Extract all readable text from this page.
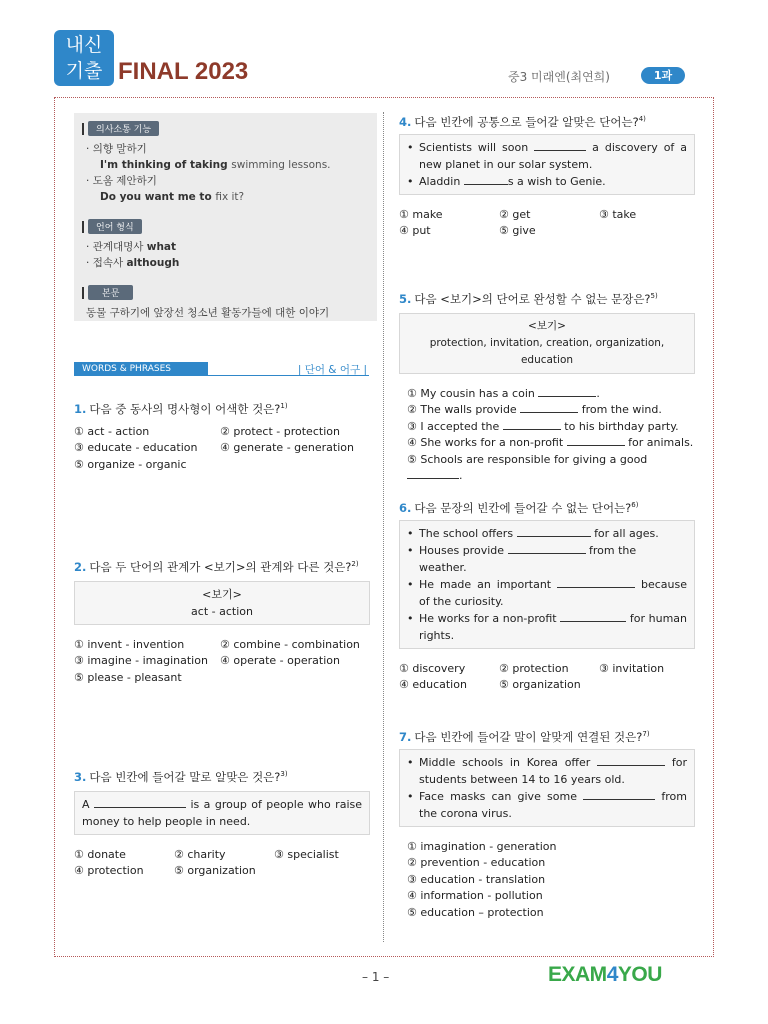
내신
기출 FINAL 2023	중3 미래엔(최연희)	1과
의사소통 기능
· 의향 말하기
I'm thinking of taking swimming lessons.
· 도움 제안하기
Do you want me to fix it?
언어 형식
· 관계대명사 what
· 접속사 although
본문
동물 구하기에 앞장선 청소년 활동가들에 대한 이야기
WORDS & PHRASES	| 단어 & 어구 |
1. 다음 중 동사의 명사형이 어색한 것은?$^{1)}$
① act - action	② protect - protection
③ educate - education	④ generate - generation
⑤ organize - organic
2. 다음 두 단어의 관계가 <보기>의 관계와 다른 것은?$^{2)}$
<보기>
act - action
① invent - invention	② combine - combination
③ imagine - imagination	④ operate - operation
⑤ please - pleasant
3. 다음 빈칸에 들어갈 말로 알맞은 것은?$^{3)}$
A	is a group of people who raise
money to help people in need.
① donate	② charity	③ specialist
④ protection	⑤ organization
4. 다음 빈칸에 공통으로 들어갈 알맞은 단어는?$^{4)}$
• Scientists will soon	a discovery of a
new planet in our solar system.
• Aladdin	s a wish to Genie.
① make	② get	③ take
④ put	⑤ give
5. 다음 <보기>의 단어로 완성할 수 없는 문장은?$^{5)}$
<보기>
protection, invitation, creation, organization, education
① My cousin has a coin	.
② The walls provide	from the wind.
③ I accepted the	to his birthday party.
④ She works for a non-profit	for animals.
⑤ Schools are responsible for giving a good .
6. 다음 문장의 빈칸에 들어갈 수 없는 단어는?$^{6)}$
• The school offers	for all ages.
• Houses provide	from the weather.
• He made an important	because
of the curiosity.
• He works for a non-profit	for human
rights.
① discovery	② protection	③ invitation
④ education	⑤ organization
7. 다음 빈칸에 들어갈 말이 알맞게 연결된 것은?$^{7)}$
• Middle schools in Korea offer	for
students between 14 to 16 years old.
• Face masks can give some	from
the corona virus.
① imagination - generation
② prevention - education
③ education - translation
④ information - pollution
⑤ education – protection
– 1 –	EXAM4YOU
